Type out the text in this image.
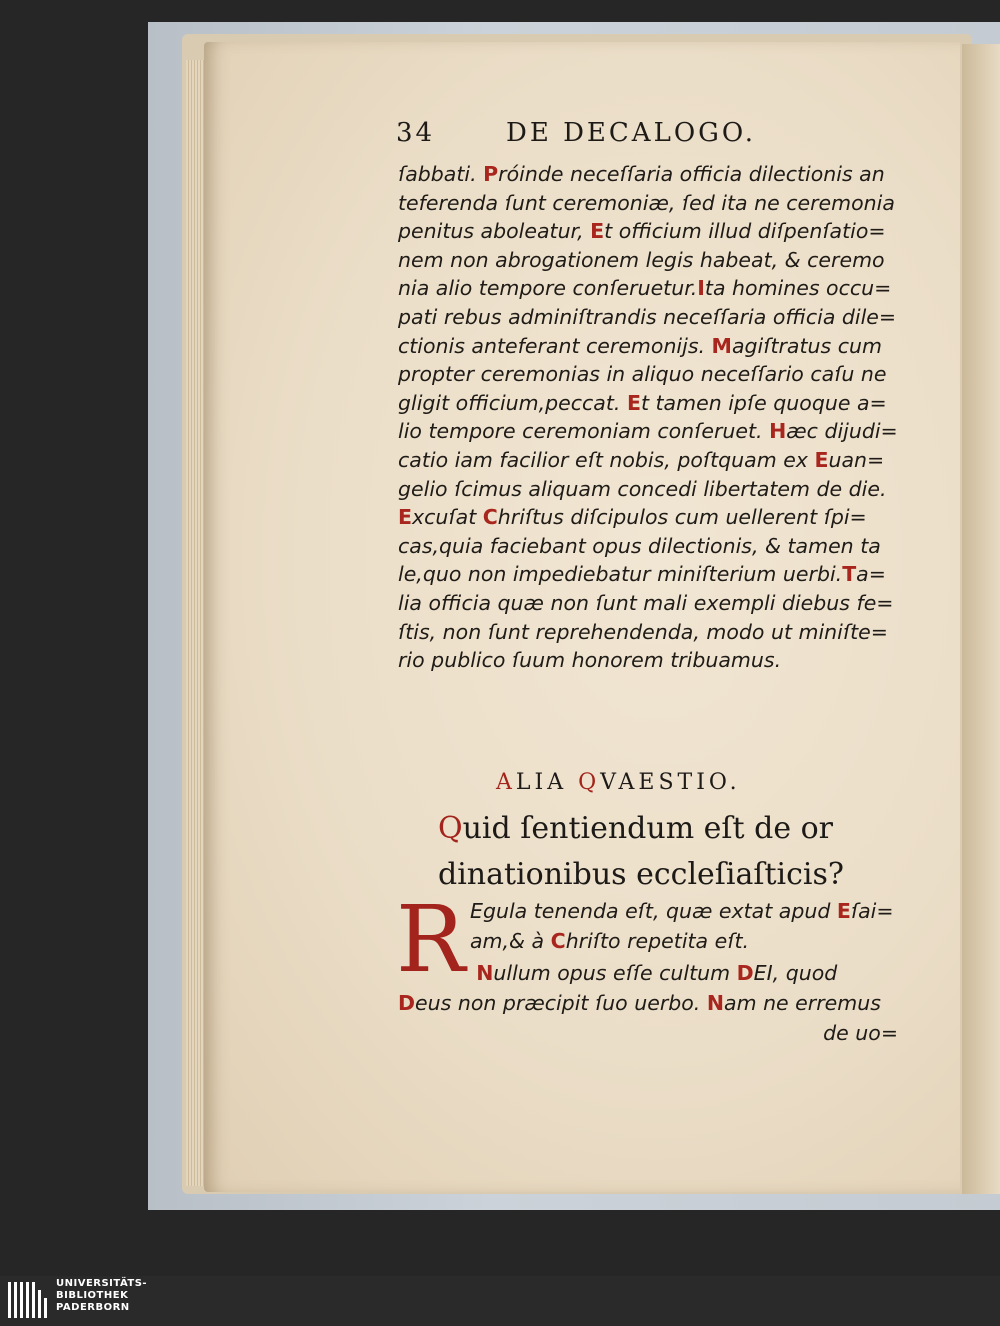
34	DE DECALOGO.
ſabbati. Próinde neceſſaria officia dilectionis an
teferenda ſunt ceremoniæ, ſed ita ne ceremonia
penitus aboleatur, Et officium illud diſpenſatio=
nem non abrogationem legis habeat, & ceremo
nia alio tempore conſeruetur.Ita homines occu=
pati rebus adminiſtrandis neceſſaria officia dile=
ctionis anteferant ceremonijs. Magiſtratus cum
propter ceremonias in aliquo neceſſario caſu ne
gligit officium,peccat. Et tamen ipſe quoque a=
lio tempore ceremoniam conſeruet. Hæc dijudi=
catio iam facilior eſt nobis, poſtquam ex Euan=
gelio ſcimus aliquam concedi libertatem de die.
Excuſat Chriſtus diſcipulos cum uellerent ſpi=
cas,quia faciebant opus dilectionis, & tamen ta
le,quo non impediebatur miniſterium uerbi.Ta=
lia officia quæ non ſunt mali exempli diebus fe=
ſtis, non ſunt reprehendenda, modo ut miniſte=
rio publico ſuum honorem tribuamus.
ALIA QVAESTIO.
Quid ſentiendum eſt de or
dinationibus eccleſiaſticis?
R Egula tenenda eſt, quæ extat apud Eſai=
am,& à Chriſto repetita eſt.
Nullum opus eſſe cultum DEI, quod
Deus non præcipit ſuo uerbo. Nam ne erremus
de uo=
UNIVERSITÄTS-
BIBLIOTHEK
PADERBORN
